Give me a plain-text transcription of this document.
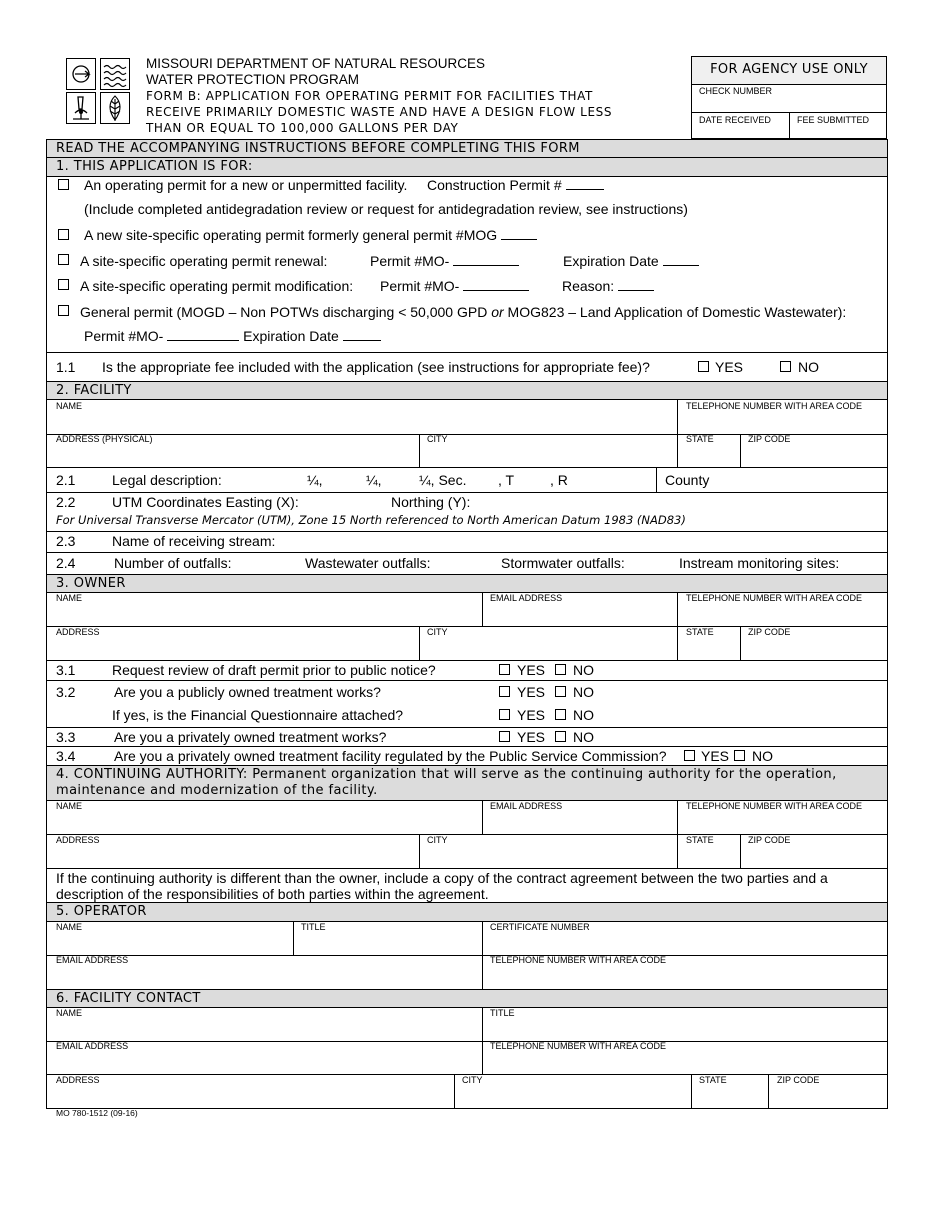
MISSOURI DEPARTMENT OF NATURAL RESOURCES
WATER PROTECTION PROGRAM
FORM B: APPLICATION FOR OPERATING PERMIT FOR FACILITIES THAT
RECEIVE PRIMARILY DOMESTIC WASTE AND HAVE A DESIGN FLOW LESS
THAN OR EQUAL TO 100,000 GALLONS PER DAY
FOR AGENCY USE ONLY
CHECK NUMBER
DATE RECEIVED	FEE SUBMITTED
READ THE ACCOMPANYING INSTRUCTIONS BEFORE COMPLETING THIS FORM
1. THIS APPLICATION IS FOR:
An operating permit for a new or unpermitted facility. Construction Permit #
(Include completed antidegradation review or request for antidegradation review, see instructions)
A new site-specific operating permit formerly general permit #MOG
A site-specific operating permit renewal:	Permit #MO-	Expiration Date
A site-specific operating permit modification: Permit #MO-	Reason:
General permit (MOGD – Non POTWs discharging < 50,000 GPD or MOG823 – Land Application of Domestic Wastewater):
Permit #MO-	Expiration Date
1.1 Is the appropriate fee included with the application (see instructions for appropriate fee)?	YES	NO
2. FACILITY
NAME	TELEPHONE NUMBER WITH AREA CODE
ADDRESS (PHYSICAL)	CITY	STATE	ZIP CODE
2.1	Legal description:	¼,	¼,	¼, Sec. , T	, R	County
2.2	UTM Coordinates Easting (X):	Northing (Y):
For Universal Transverse Mercator (UTM), Zone 15 North referenced to North American Datum 1983 (NAD83)
2.3	Name of receiving stream:
2.4	Number of outfalls:	Wastewater outfalls:	Stormwater outfalls:	Instream monitoring sites:
3. OWNER
NAME	EMAIL ADDRESS	TELEPHONE NUMBER WITH AREA CODE
ADDRESS	CITY	STATE	ZIP CODE
3.1	Request review of draft permit prior to public notice?	YES NO
3.2	Are you a publicly owned treatment works?	YES NO
If yes, is the Financial Questionnaire attached?	YES NO
3.3	Are you a privately owned treatment works?	YES NO
3.4	Are you a privately owned treatment facility regulated by the Public Service Commission? YES NO
4. CONTINUING AUTHORITY: Permanent organization that will serve as the continuing authority for the operation,
maintenance and modernization of the facility.
NAME	EMAIL ADDRESS	TELEPHONE NUMBER WITH AREA CODE
ADDRESS	CITY	STATE	ZIP CODE
If the continuing authority is different than the owner, include a copy of the contract agreement between the two parties and a
description of the responsibilities of both parties within the agreement.
5. OPERATOR
NAME	TITLE	CERTIFICATE NUMBER
EMAIL ADDRESS	TELEPHONE NUMBER WITH AREA CODE
6. FACILITY CONTACT
NAME	TITLE
EMAIL ADDRESS	TELEPHONE NUMBER WITH AREA CODE
ADDRESS	CITY	STATE	ZIP CODE
MO 780-1512 (09-16)
